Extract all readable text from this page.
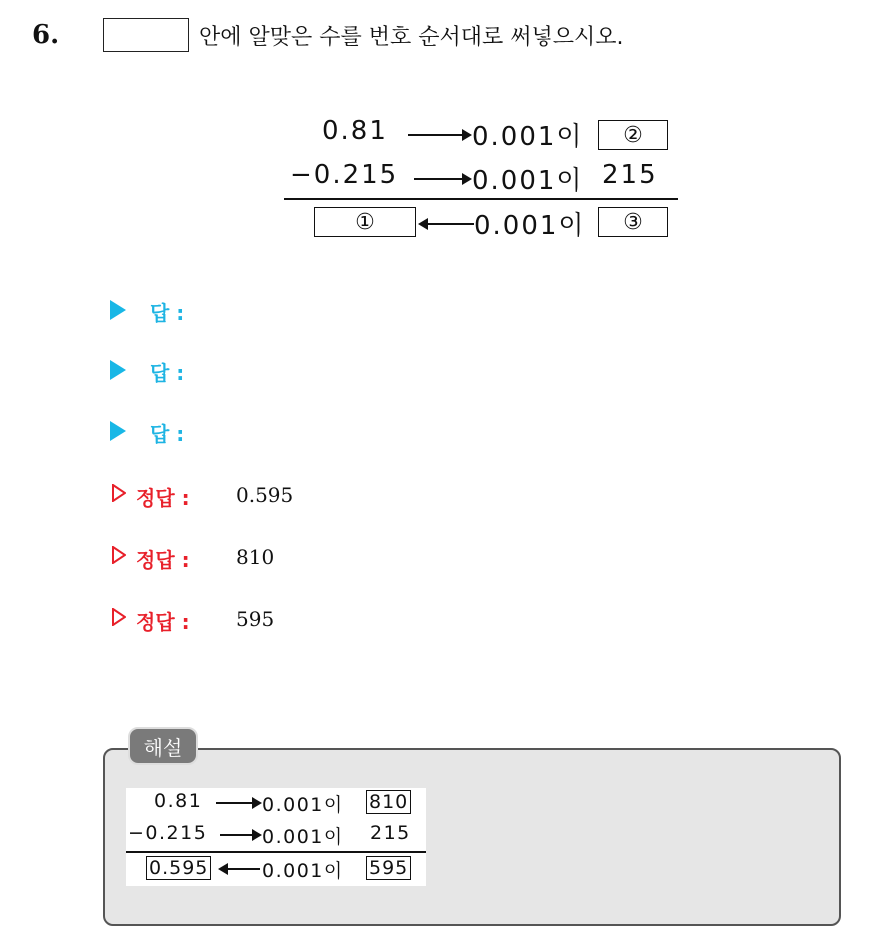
6.	안에 알맞은 수를 번호 순서대로 써넣으시오.
0.81	0.001이	②
−0.215	0.001이 215
①	0.001이	③
답 :
답 :
답 :
정답 : 0.595
정답 : 810
정답 : 595
해설
0.81	0.001이 810
−0.215	0.001이 215
0.595	0.001이 595
